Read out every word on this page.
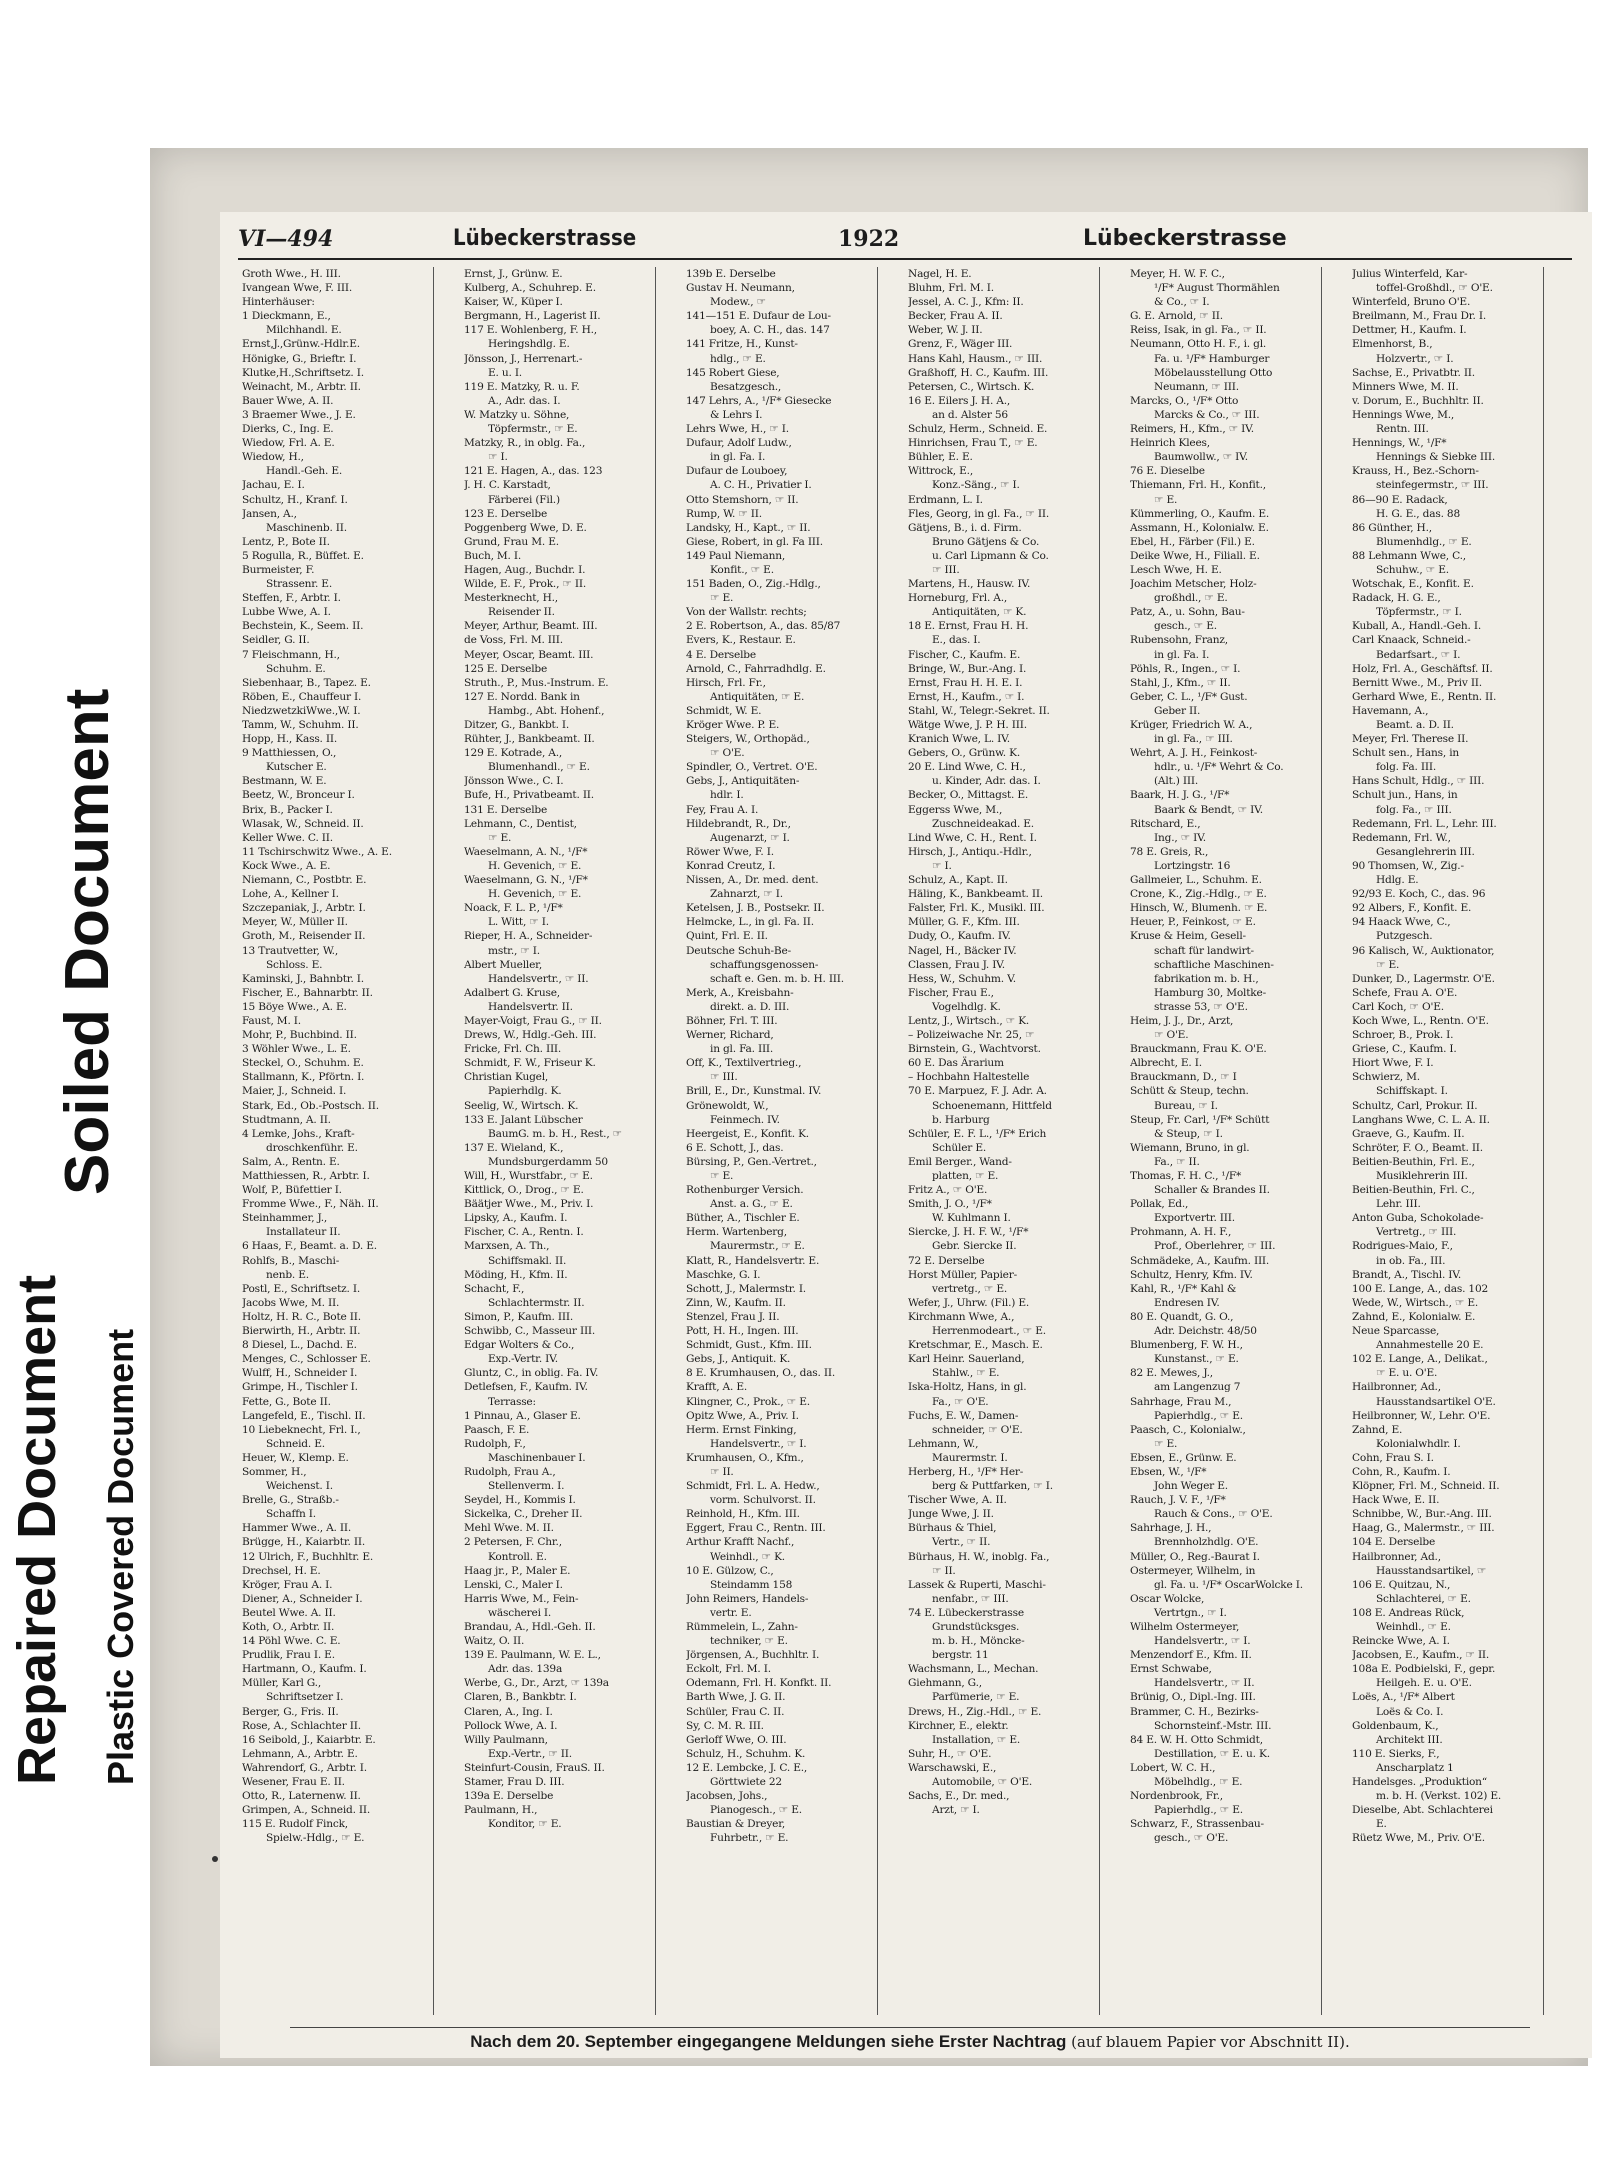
Repaired Document
Soiled Document
Plastic Covered Document
VI—494	Lübeckerstrasse	1922	Lübeckerstrasse
Groth Wwe., H. III.
Ivangean Wwe, F. III.
Hinterhäuser:
1 Dieckmann, E.,
Milchhandl. E.
Ernst,J.,Grünw.-Hdlr.E.
Hönigke, G., Brieftr. I.
Klutke,H.,Schriftsetz. I.
Weinacht, M., Arbtr. II.
Bauer Wwe, A. II.
3 Braemer Wwe., J. E.
Dierks, C., Ing. E.
Wiedow, Frl. A. E.
Wiedow, H.,
Handl.-Geh. E.
Jachau, E. I.
Schultz, H., Kranf. I.
Jansen, A.,
Maschinenb. II.
Lentz, P., Bote II.
5 Rogulla, R., Büffet. E.
Burmeister, F.
Strassenr. E.
Steffen, F., Arbtr. I.
Lubbe Wwe, A. I.
Bechstein, K., Seem. II.
Seidler, G. II.
7 Fleischmann, H.,
Schuhm. E.
Siebenhaar, B., Tapez. E.
Röben, E., Chauffeur I.
NiedzwetzkiWwe.,W. I.
Tamm, W., Schuhm. II.
Hopp, H., Kass. II.
9 Matthiessen, O.,
Kutscher E.
Bestmann, W. E.
Beetz, W., Bronceur I.
Brix, B., Packer I.
Wlasak, W., Schneid. II.
Keller Wwe. C. II.
11 Tschirschwitz Wwe., A. E.
Kock Wwe., A. E.
Niemann, C., Postbtr. E.
Lohe, A., Kellner I.
Szczepaniak, J., Arbtr. I.
Meyer, W., Müller II.
Groth, M., Reisender II.
13 Trautvetter, W.,
Schloss. E.
Kaminski, J., Bahnbtr. I.
Fischer, E., Bahnarbtr. II.
15 Böye Wwe., A. E.
Faust, M. I.
Mohr, P., Buchbind. II.
3 Wöhler Wwe., L. E.
Steckel, O., Schuhm. E.
Stallmann, K., Pförtn. I.
Maier, J., Schneid. I.
Stark, Ed., Ob.-Postsch. II.
Studtmann, A. II.
4 Lemke, Johs., Kraft-
droschkenführ. E.
Salm, A., Rentn. E.
Matthiessen, R., Arbtr. I.
Wolf, P., Büfettier I.
Fromme Wwe., F., Näh. II.
Steinhammer, J.,
Installateur II.
6 Haas, F., Beamt. a. D. E.
Rohlfs, B., Maschi-
nenb. E.
Postl, E., Schriftsetz. I.
Jacobs Wwe, M. II.
Holtz, H. R. C., Bote II.
Bierwirth, H., Arbtr. II.
8 Diesel, L., Dachd. E.
Menges, C., Schlosser E.
Wulff, H., Schneider I.
Grimpe, H., Tischler I.
Fette, G., Bote II.
Langefeld, E., Tischl. II.
10 Liebeknecht, Frl. I.,
Schneid. E.
Heuer, W., Klemp. E.
Sommer, H.,
Weichenst. I.
Brelle, G., Straßb.-
Schaffn I.
Hammer Wwe., A. II.
Brügge, H., Kaiarbtr. II.
12 Ulrich, F., Buchhltr. E.
Drechsel, H. E.
Kröger, Frau A. I.
Diener, A., Schneider I.
Beutel Wwe. A. II.
Koth, O., Arbtr. II.
14 Pöhl Wwe. C. E.
Prudlik, Frau I. E.
Hartmann, O., Kaufm. I.
Müller, Karl G.,
Schriftsetzer I.
Berger, G., Fris. II.
Rose, A., Schlachter II.
16 Seibold, J., Kaiarbtr. E.
Lehmann, A., Arbtr. E.
Wahrendorf, G., Arbtr. I.
Wesener, Frau E. II.
Otto, R., Laternenw. II.
Grimpen, A., Schneid. II.
115 E. Rudolf Finck,
Spielw.-Hdlg., ☞ E.
Ernst, J., Grünw. E.
Kulberg, A., Schuhrep. E.
Kaiser, W., Küper I.
Bergmann, H., Lagerist II.
117 E. Wohlenberg, F. H.,
Heringshdlg. E.
Jönsson, J., Herrenart.-
E. u. I.
119 E. Matzky, R. u. F.
A., Adr. das. I.
W. Matzky u. Söhne,
Töpfermstr., ☞ E.
Matzky, R., in oblg. Fa.,
☞ I.
121 E. Hagen, A., das. 123
J. H. C. Karstadt,
Färberei (Fil.)
123 E. Derselbe
Poggenberg Wwe, D. E.
Grund, Frau M. E.
Buch, M. I.
Hagen, Aug., Buchdr. I.
Wilde, E. F., Prok., ☞ II.
Mesterknecht, H.,
Reisender II.
Meyer, Arthur, Beamt. III.
de Voss, Frl. M. III.
Meyer, Oscar, Beamt. III.
125 E. Derselbe
Struth., P., Mus.-Instrum. E.
127 E. Nordd. Bank in
Hambg., Abt. Hohenf.,
Ditzer, G., Bankbt. I.
Rühter, J., Bankbeamt. II.
129 E. Kotrade, A.,
Blumenhandl., ☞ E.
Jönsson Wwe., C. I.
Bufe, H., Privatbeamt. II.
131 E. Derselbe
Lehmann, C., Dentist,
☞ E.
Waeselmann, A. N., ¹/F*
H. Gevenich, ☞ E.
Waeselmann, G. N., ¹/F*
H. Gevenich, ☞ E.
Noack, F. L. P., ¹/F*
L. Witt, ☞ I.
Rieper, H. A., Schneider-
mstr., ☞ I.
Albert Mueller,
Handelsvertr., ☞ II.
Adalbert G. Kruse,
Handelsvertr. II.
Mayer-Voigt, Frau G., ☞ II.
Drews, W., Hdlg.-Geh. III.
Fricke, Frl. Ch. III.
Schmidt, F. W., Friseur K.
Christian Kugel,
Papierhdlg. K.
Seelig, W., Wirtsch. K.
133 E. Jalant Lübscher
BaumG. m. b. H., Rest., ☞
137 E. Wieland, K.,
Mundsburgerdamm 50
Will, H., Wurstfabr., ☞ E.
Kittlick, O., Drog., ☞ E.
Bäätjer Wwe., M., Priv. I.
Lipsky, A., Kaufm. I.
Fischer, C. A., Rentn. I.
Marxsen, A. Th.,
Schiffsmakl. II.
Möding, H., Kfm. II.
Schacht, F.,
Schlachtermstr. II.
Simon, P., Kaufm. III.
Schwibb, C., Masseur III.
Edgar Wolters & Co.,
Exp.-Vertr. IV.
Gluntz, C., in oblig. Fa. IV.
Detlefsen, F., Kaufm. IV.
Terrasse:
1 Pinnau, A., Glaser E.
Paasch, F. E.
Rudolph, F.,
Maschinenbauer I.
Rudolph, Frau A.,
Stellenverm. I.
Seydel, H., Kommis I.
Sickelka, C., Dreher II.
Mehl Wwe. M. II.
2 Petersen, F. Chr.,
Kontroll. E.
Haag jr., P., Maler E.
Lenski, C., Maler I.
Harris Wwe, M., Fein-
wäscherei I.
Brandau, A., Hdl.-Geh. II.
Waitz, O. II.
139 E. Paulmann, W. E. L.,
Adr. das. 139a
Werbe, G., Dr., Arzt, ☞ 139a
Claren, B., Bankbtr. I.
Claren, A., Ing. I.
Pollock Wwe, A. I.
Willy Paulmann,
Exp.-Vertr., ☞ II.
Steinfurt-Cousin, FrauS. II.
Stamer, Frau D. III.
139a E. Derselbe
Paulmann, H.,
Konditor, ☞ E.
139b E. Derselbe
Gustav H. Neumann,
Modew., ☞
141—151 E. Dufaur de Lou-
boey, A. C. H., das. 147
141 Fritze, H., Kunst-
hdlg., ☞ E.
145 Robert Giese,
Besatzgesch.,
147 Lehrs, A., ¹/F* Giesecke
& Lehrs I.
Lehrs Wwe, H., ☞ I.
Dufaur, Adolf Ludw.,
in gl. Fa. I.
Dufaur de Louboey,
A. C. H., Privatier I.
Otto Stemshorn, ☞ II.
Rump, W. ☞ II.
Landsky, H., Kapt., ☞ II.
Giese, Robert, in gl. Fa III.
149 Paul Niemann,
Konfit., ☞ E.
151 Baden, O., Zig.-Hdlg.,
☞ E.
Von der Wallstr. rechts;
2 E. Robertson, A., das. 85/87
Evers, K., Restaur. E.
4 E. Derselbe
Arnold, C., Fahrradhdlg. E.
Hirsch, Frl. Fr.,
Antiquitäten, ☞ E.
Schmidt, W. E.
Kröger Wwe. P. E.
Steigers, W., Orthopäd.,
☞ O'E.
Spindler, O., Vertret. O'E.
Gebs, J., Antiquitäten-
hdlr. I.
Fey, Frau A. I.
Hildebrandt, R., Dr.,
Augenarzt, ☞ I.
Röwer Wwe, F. I.
Konrad Creutz, I.
Nissen, A., Dr. med. dent.
Zahnarzt, ☞ I.
Ketelsen, J. B., Postsekr. II.
Helmcke, L., in gl. Fa. II.
Quint, Frl. E. II.
Deutsche Schuh-Be-
schaffungsgenossen-
schaft e. Gen. m. b. H. III.
Merk, A., Kreisbahn-
direkt. a. D. III.
Böhner, Frl. T. III.
Werner, Richard,
in gl. Fa. III.
Off, K., Textilvertrieg.,
☞ III.
Brill, E., Dr., Kunstmal. IV.
Grönewoldt, W.,
Feinmech. IV.
Heergeist, E., Konfit. K.
6 E. Schott, J., das.
Bürsing, P., Gen.-Vertret.,
☞ E.
Rothenburger Versich.
Anst. a. G., ☞ E.
Büther, A., Tischler E.
Herm. Wartenberg,
Maurermstr., ☞ E.
Klatt, R., Handelsvertr. E.
Maschke, G. I.
Schott, J., Malermstr. I.
Zinn, W., Kaufm. II.
Stenzel, Frau J. II.
Pott, H. H., Ingen. III.
Schmidt, Gust., Kfm. III.
Gebs, J., Antiquit. K.
8 E. Krumhausen, O., das. II.
Krafft, A. E.
Klingner, C., Prok., ☞ E.
Opitz Wwe, A., Priv. I.
Herm. Ernst Finking,
Handelsvertr., ☞ I.
Krumhausen, O., Kfm.,
☞ II.
Schmidt, Frl. L. A. Hedw.,
vorm. Schulvorst. II.
Reinhold, H., Kfm. III.
Eggert, Frau C., Rentn. III.
Arthur Krafft Nachf.,
Weinhdl., ☞ K.
10 E. Gülzow, C.,
Steindamm 158
John Reimers, Handels-
vertr. E.
Rümmelein, L., Zahn-
techniker, ☞ E.
Jörgensen, A., Buchhltr. I.
Eckolt, Frl. M. I.
Odemann, Frl. H. Konfkt. II.
Barth Wwe, J. G. II.
Schüler, Frau C. II.
Sy, C. M. R. III.
Gerloff Wwe, O. III.
Schulz, H., Schuhm. K.
12 E. Lembcke, J. C. E.,
Görttwiete 22
Jacobsen, Johs.,
Pianogesch., ☞ E.
Baustian & Dreyer,
Fuhrbetr., ☞ E.
Nagel, H. E.
Bluhm, Frl. M. I.
Jessel, A. C. J., Kfm: II.
Becker, Frau A. II.
Weber, W. J. II.
Grenz, F., Wäger III.
Hans Kahl, Hausm., ☞ III.
Graßhoff, H. C., Kaufm. III.
Petersen, C., Wirtsch. K.
16 E. Eilers J. H. A.,
an d. Alster 56
Schulz, Herm., Schneid. E.
Hinrichsen, Frau T., ☞ E.
Bühler, E. E.
Wittrock, E.,
Konz.-Säng., ☞ I.
Erdmann, L. I.
Fles, Georg, in gl. Fa., ☞ II.
Gätjens, B., i. d. Firm.
Bruno Gätjens & Co.
u. Carl Lipmann & Co.
☞ III.
Martens, H., Hausw. IV.
Horneburg, Frl. A.,
Antiquitäten, ☞ K.
18 E. Ernst, Frau H. H.
E., das. I.
Fischer, C., Kaufm. E.
Bringe, W., Bur.-Ang. I.
Ernst, Frau H. H. E. I.
Ernst, H., Kaufm., ☞ I.
Stahl, W., Telegr.-Sekret. II.
Wätge Wwe, J. P. H. III.
Kranich Wwe, L. IV.
Gebers, O., Grünw. K.
20 E. Lind Wwe, C. H.,
u. Kinder, Adr. das. I.
Becker, O., Mittagst. E.
Eggerss Wwe, M.,
Zuschneideakad. E.
Lind Wwe, C. H., Rent. I.
Hirsch, J., Antiqu.-Hdlr.,
☞ I.
Schulz, A., Kapt. II.
Häling, K., Bankbeamt. II.
Falster, Frl. K., Musikl. III.
Müller, G. F., Kfm. III.
Dudy, O., Kaufm. IV.
Nagel, H., Bäcker IV.
Classen, Frau J. IV.
Hess, W., Schuhm. V.
Fischer, Frau E.,
Vogelhdlg. K.
Lentz, J., Wirtsch., ☞ K.
– Polizeiwache Nr. 25, ☞
Birnstein, G., Wachtvorst.
60 E. Das Ärarium
– Hochbahn Haltestelle
70 E. Marpuez, F. J. Adr. A.
Schoenemann, Hittfeld
b. Harburg
Schüler, E. F. L., ¹/F* Erich
Schüler E.
Emil Berger., Wand-
platten, ☞ E.
Fritz A., ☞ O'E.
Smith, J. O., ¹/F*
W. Kuhlmann I.
Siercke, J. H. F. W., ¹/F*
Gebr. Siercke II.
72 E. Derselbe
Horst Müller, Papier-
vertretg., ☞ E.
Wefer, J., Uhrw. (Fil.) E.
Kirchmann Wwe, A.,
Herrenmodeart., ☞ E.
Kretschmar, E., Masch. E.
Karl Heinr. Sauerland,
Stahlw., ☞ E.
Iska-Holtz, Hans, in gl.
Fa., ☞ O'E.
Fuchs, E. W., Damen-
schneider, ☞ O'E.
Lehmann, W.,
Maurermstr. I.
Herberg, H., ¹/F* Her-
berg & Puttfarken, ☞ I.
Tischer Wwe, A. II.
Junge Wwe, J. II.
Bürhaus & Thiel,
Vertr., ☞ II.
Bürhaus, H. W., inoblg. Fa.,
☞ II.
Lassek & Ruperti, Maschi-
nenfabr., ☞ III.
74 E. Lübeckerstrasse
Grundstücksges.
m. b. H., Möncke-
bergstr. 11
Wachsmann, L., Mechan.
Giehmann, G.,
Parfümerie, ☞ E.
Drews, H., Zig.-Hdl., ☞ E.
Kirchner, E., elektr.
Installation, ☞ E.
Suhr, H., ☞ O'E.
Warschawski, E.,
Automobile, ☞ O'E.
Sachs, E., Dr. med.,
Arzt, ☞ I.
Meyer, H. W. F. C.,
¹/F* August Thormählen
& Co., ☞ I.
G. E. Arnold, ☞ II.
Reiss, Isak, in gl. Fa., ☞ II.
Neumann, Otto H. F., i. gl.
Fa. u. ¹/F* Hamburger
Möbelausstellung Otto
Neumann, ☞ III.
Marcks, O., ¹/F* Otto
Marcks & Co., ☞ III.
Reimers, H., Kfm., ☞ IV.
Heinrich Klees,
Baumwollw., ☞ IV.
76 E. Dieselbe
Thiemann, Frl. H., Konfit.,
☞ E.
Kümmerling, O., Kaufm. E.
Assmann, H., Kolonialw. E.
Ebel, H., Färber (Fil.) E.
Deike Wwe, H., Filiall. E.
Lesch Wwe, H. E.
Joachim Metscher, Holz-
großhdl., ☞ E.
Patz, A., u. Sohn, Bau-
gesch., ☞ E.
Rubensohn, Franz,
in gl. Fa. I.
Pöhls, R., Ingen., ☞ I.
Stahl, J., Kfm., ☞ II.
Geber, C. L., ¹/F* Gust.
Geber II.
Krüger, Friedrich W. A.,
in gl. Fa., ☞ III.
Wehrt, A. J. H., Feinkost-
hdlr., u. ¹/F* Wehrt & Co.
(Alt.) III.
Baark, H. J. G., ¹/F*
Baark & Bendt, ☞ IV.
Ritschard, E.,
Ing., ☞ IV.
78 E. Greis, R.,
Lortzingstr. 16
Gallmeier, L., Schuhm. E.
Crone, K., Zig.-Hdlg., ☞ E.
Hinsch, W., Blumenh. ☞ E.
Heuer, P., Feinkost, ☞ E.
Kruse & Heim, Gesell-
schaft für landwirt-
schaftliche Maschinen-
fabrikation m. b. H.,
Hamburg 30, Moltke-
strasse 53, ☞ O'E.
Heim, J. J., Dr., Arzt,
☞ O'E.
Brauckmann, Frau K. O'E.
Albrecht, E. I.
Brauckmann, D., ☞ I
Schütt & Steup, techn.
Bureau, ☞ I.
Steup, Fr. Carl, ¹/F* Schütt
& Steup, ☞ I.
Wiemann, Bruno, in gl.
Fa., ☞ II.
Thomas, F. H. C., ¹/F*
Schaller & Brandes II.
Pollak, Ed.,
Exportvertr. III.
Prohmann, A. H. F.,
Prof., Oberlehrer, ☞ III.
Schmädeke, A., Kaufm. III.
Schultz, Henry, Kfm. IV.
Kahl, R., ¹/F* Kahl &
Endresen IV.
80 E. Quandt, G. O.,
Adr. Deichstr. 48/50
Blumenberg, F. W. H.,
Kunstanst., ☞ E.
82 E. Mewes, J.,
am Langenzug 7
Sahrhage, Frau M.,
Papierhdlg., ☞ E.
Paasch, C., Kolonialw.,
☞ E.
Ebsen, E., Grünw. E.
Ebsen, W., ¹/F*
John Weger E.
Rauch, J. V. F., ¹/F*
Rauch & Cons., ☞ O'E.
Sahrhage, J. H.,
Brennholzhdlg. O'E.
Müller, O., Reg.-Baurat I.
Ostermeyer, Wilhelm, in
gl. Fa. u. ¹/F* OscarWolcke I.
Oscar Wolcke,
Vertrtgn., ☞ I.
Wilhelm Ostermeyer,
Handelsvertr., ☞ I.
Menzendorf E., Kfm. II.
Ernst Schwabe,
Handelsvertr., ☞ II.
Brünig, O., Dipl.-Ing. III.
Brammer, C. H., Bezirks-
Schornsteinf.-Mstr. III.
84 E. W. H. Otto Schmidt,
Destillation, ☞ E. u. K.
Lobert, W. C. H.,
Möbelhdlg., ☞ E.
Nordenbrook, Fr.,
Papierhdlg., ☞ E.
Schwarz, F., Strassenbau-
gesch., ☞ O'E.
Julius Winterfeld, Kar-
toffel-Großhdl., ☞ O'E.
Winterfeld, Bruno O'E.
Breilmann, M., Frau Dr. I.
Dettmer, H., Kaufm. I.
Elmenhorst, B.,
Holzvertr., ☞ I.
Sachse, E., Privatbtr. II.
Minners Wwe, M. II.
v. Dorum, E., Buchhltr. II.
Hennings Wwe, M.,
Rentn. III.
Hennings, W., ¹/F*
Hennings & Siebke III.
Krauss, H., Bez.-Schorn-
steinfegermstr., ☞ III.
86—90 E. Radack,
H. G. E., das. 88
86 Günther, H.,
Blumenhdlg., ☞ E.
88 Lehmann Wwe, C.,
Schuhw., ☞ E.
Wotschak, E., Konfit. E.
Radack, H. G. E.,
Töpfermstr., ☞ I.
Kuball, A., Handl.-Geh. I.
Carl Knaack, Schneid.-
Bedarfsart., ☞ I.
Holz, Frl. A., Geschäftsf. II.
Bernitt Wwe., M., Priv II.
Gerhard Wwe, E., Rentn. II.
Havemann, A.,
Beamt. a. D. II.
Meyer, Frl. Therese II.
Schult sen., Hans, in
folg. Fa. III.
Hans Schult, Hdlg., ☞ III.
Schult jun., Hans, in
folg. Fa., ☞ III.
Redemann, Frl. L., Lehr. III.
Redemann, Frl. W.,
Gesanglehrerin III.
90 Thomsen, W., Zig.-
Hdlg. E.
92/93 E. Koch, C., das. 96
92 Albers, F., Konfit. E.
94 Haack Wwe, C.,
Putzgesch.
96 Kalisch, W., Auktionator,
☞ E.
Dunker, D., Lagermstr. O'E.
Schefe, Frau A. O'E.
Carl Koch, ☞ O'E.
Koch Wwe, L., Rentn. O'E.
Schroer, B., Prok. I.
Griese, C., Kaufm. I.
Hiort Wwe, F. I.
Schwierz, M.
Schiffskapt. I.
Schultz, Carl, Prokur. II.
Langhans Wwe, C. L. A. II.
Graeve, G., Kaufm. II.
Schröter, F. O., Beamt. II.
Beitien-Beuthin, Frl. E.,
Musiklehrerin III.
Beitien-Beuthin, Frl. C.,
Lehr. III.
Anton Guba, Schokolade-
Vertretg., ☞ III.
Rodrigues-Maio, F.,
in ob. Fa., III.
Brandt, A., Tischl. IV.
100 E. Lange, A., das. 102
Wede, W., Wirtsch., ☞ E.
Zahnd, E., Kolonialw. E.
Neue Sparcasse,
Annahmestelle 20 E.
102 E. Lange, A., Delikat.,
☞ E. u. O'E.
Hailbronner, Ad.,
Hausstandsartikel O'E.
Heilbronner, W., Lehr. O'E.
Zahnd, E.
Kolonialwhdlr. I.
Cohn, Frau S. I.
Cohn, R., Kaufm. I.
Klöpner, Frl. M., Schneid. II.
Hack Wwe, E. II.
Schnibbe, W., Bur.-Ang. III.
Haag, G., Malermstr., ☞ III.
104 E. Derselbe
Hailbronner, Ad.,
Hausstandsartikel, ☞
106 E. Quitzau, N.,
Schlachterei, ☞ E.
108 E. Andreas Rück,
Weinhdl., ☞ E.
Reincke Wwe, A. I.
Jacobsen, E., Kaufm., ☞ II.
108a E. Podbielski, F., gepr.
Heilgeh. E. u. O'E.
Loës, A., ¹/F* Albert
Loës & Co. I.
Goldenbaum, K.,
Architekt III.
110 E. Sierks, F.,
Anscharplatz 1
Handelsges. „Produktion“
m. b. H. (Verkst. 102) E.
Dieselbe, Abt. Schlachterei
E.
Rüetz Wwe, M., Priv. O'E.
Nach dem 20. September eingegangene Meldungen siehe Erster Nachtrag (auf blauem Papier vor Abschnitt II).
